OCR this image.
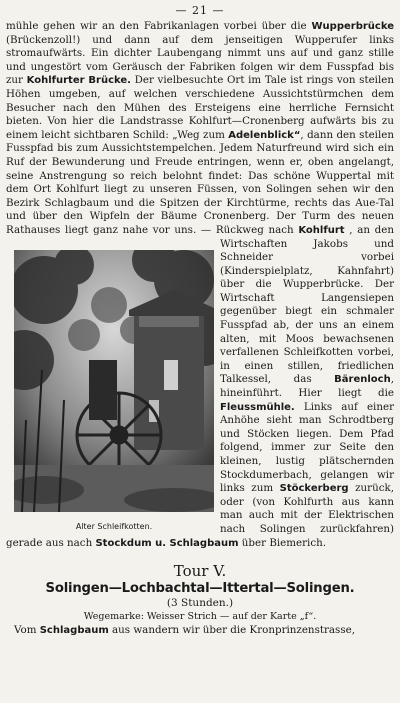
— 21 —
mühle gehen wir an den Fabrikanlagen vorbei über die Wupperbrücke (Brückenzoll!) und dann auf dem jenseitigen Wupperufer links stromaufwärts. Ein dichter Laubengang nimmt uns auf und ganz stille und ungestört vom Geräusch der Fabriken folgen wir dem Fusspfad bis zur Kohlfurter Brücke. Der vielbesuchte Ort im Tale ist rings von steilen Höhen umgeben, auf welchen verschiedene Aussichtstürmchen dem Besucher nach den Mühen des Ersteigens eine herrliche Fernsicht bieten. Von hier die Landstrasse Kohlfurt—Cronenberg aufwärts bis zu einem leicht sichtbaren Schild: „Weg zum Adelenblick“, dann den steilen Fusspfad bis zum Aussichtstempelchen. Jedem Naturfreund wird sich ein Ruf der Bewunderung und Freude entringen, wenn er, oben angelangt, seine Anstrengung so reich belohnt findet: Das schöne Wuppertal mit dem Ort Kohlfurt liegt zu unseren Füssen, von Solingen sehen wir den Bezirk Schlagbaum und die Spitzen der Kirchtürme, rechts das Aue-Tal und über den Wipfeln der Bäume Cronenberg. Der Turm des neuen Rathauses liegt ganz nahe vor uns. — Rückweg nach Kohlfurt
Alter Schleifkotten.
, an den Wirtschaften Jakobs und Schneider vorbei (Kinderspielplatz, Kahnfahrt) über die Wupperbrücke. Der Wirtschaft Langensiepen gegenüber biegt ein schmaler Fusspfad ab, der uns an einem alten, mit Moos bewachsenen verfallenen Schleifkotten vorbei, in einen stillen, friedlichen Talkessel, das Bärenloch, hineinführt. Hier liegt die Fleussmühle. Links auf einer Anhöhe sieht man Schrodtberg und Stöcken liegen. Dem Pfad folgend, immer zur Seite den kleinen, lustig plätschernden Stockdumerbach, gelangen wir links zum Stöckerberg zurück, oder (von Kohlfurth aus kann man auch mit der Elektrischen nach Solingen zurückfahren) gerade aus nach Stockdum u. Schlagbaum über Biemerich.
Tour V.
Solingen—Lochbachtal—Ittertal—Solingen.
(3 Stunden.)
Wegemarke: Weisser Strich — auf der Karte „f“.
Vom Schlagbaum aus wandern wir über die Kronprinzenstrasse,
